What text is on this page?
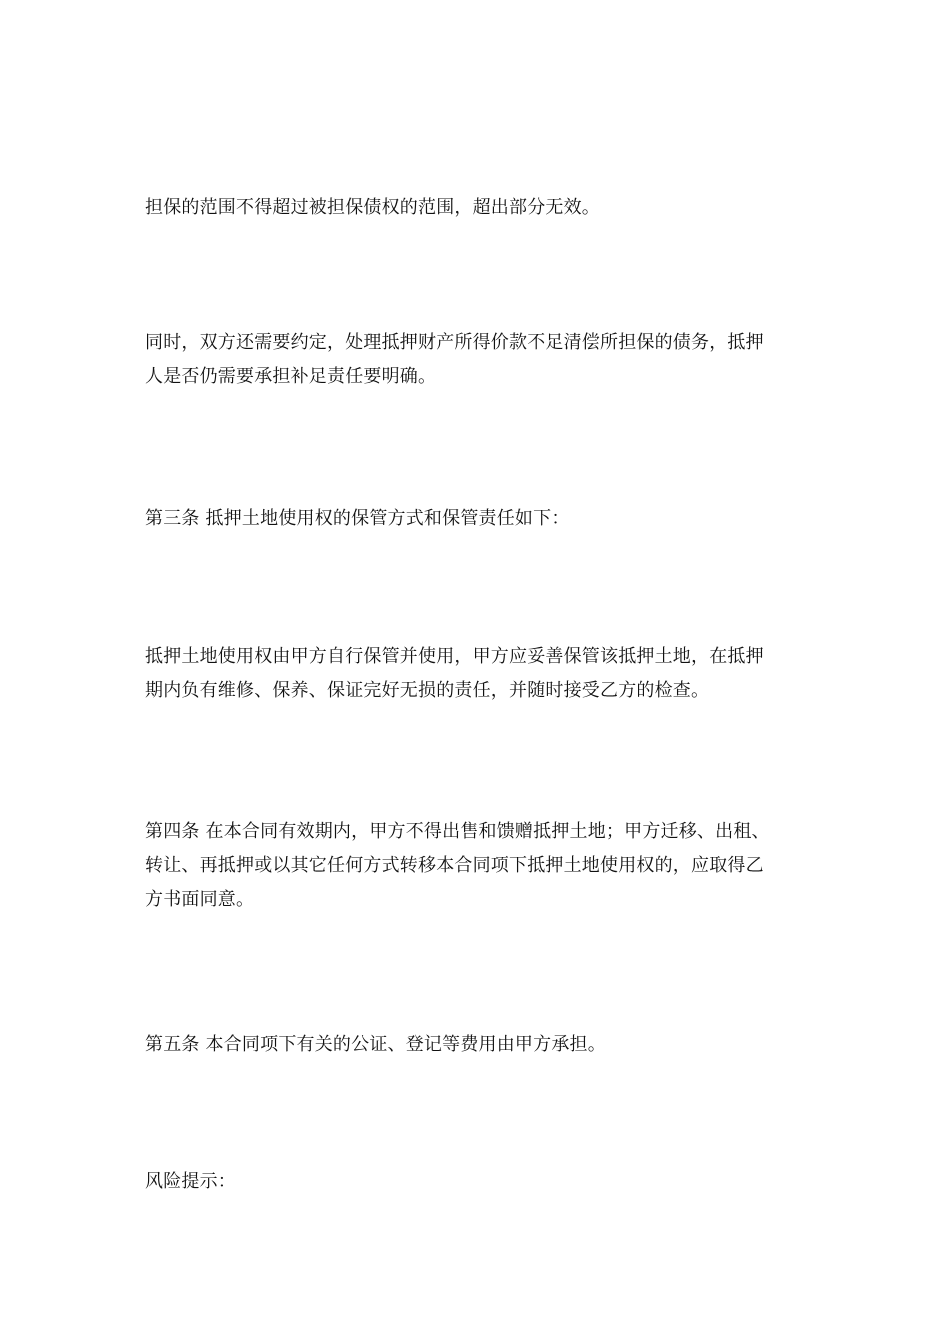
担保的范围不得超过被担保债权的范围，超出部分无效。
同时，双方还需要约定，处理抵押财产所得价款不足清偿所担保的债务，抵押
人是否仍需要承担补足责任要明确。
第三条 抵押土地使用权的保管方式和保管责任如下：
抵押土地使用权由甲方自行保管并使用，甲方应妥善保管该抵押土地，在抵押
期内负有维修、保养、保证完好无损的责任，并随时接受乙方的检查。
第四条 在本合同有效期内，甲方不得出售和馈赠抵押土地；甲方迁移、出租、
转让、再抵押或以其它任何方式转移本合同项下抵押土地使用权的，应取得乙
方书面同意。
第五条 本合同项下有关的公证、登记等费用由甲方承担。
风险提示：
